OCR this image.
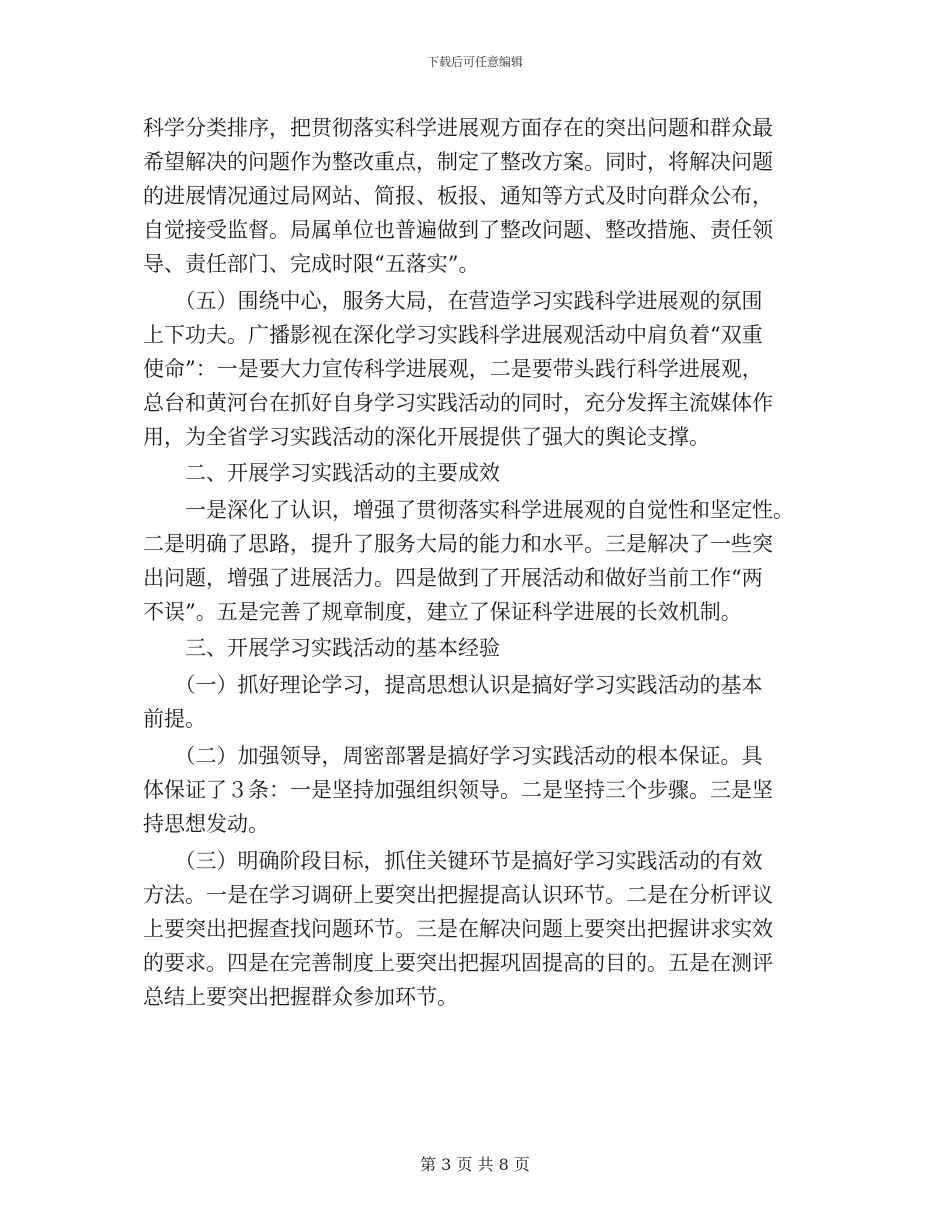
下载后可任意编辑
科学分类排序，把贯彻落实科学进展观方面存在的突出问题和群众最
希望解决的问题作为整改重点，制定了整改方案。同时，将解决问题
的进展情况通过局网站、简报、板报、通知等方式及时向群众公布，
自觉接受监督。局属单位也普遍做到了整改问题、整改措施、责任领
导、责任部门、完成时限“五落实”。
　　（五）围绕中心，服务大局，在营造学习实践科学进展观的氛围
上下功夫。广播影视在深化学习实践科学进展观活动中肩负着“双重
使命”：一是要大力宣传科学进展观，二是要带头践行科学进展观，
总台和黄河台在抓好自身学习实践活动的同时，充分发挥主流媒体作
用，为全省学习实践活动的深化开展提供了强大的舆论支撑。
　　二、开展学习实践活动的主要成效
　　一是深化了认识，增强了贯彻落实科学进展观的自觉性和坚定性。
二是明确了思路，提升了服务大局的能力和水平。三是解决了一些突
出问题，增强了进展活力。四是做到了开展活动和做好当前工作“两
不误”。五是完善了规章制度，建立了保证科学进展的长效机制。
　　三、开展学习实践活动的基本经验
　　（一）抓好理论学习，提高思想认识是搞好学习实践活动的基本
前提。
　　（二）加强领导，周密部署是搞好学习实践活动的根本保证。具
体保证了３条：一是坚持加强组织领导。二是坚持三个步骤。三是坚
持思想发动。
　　（三）明确阶段目标，抓住关键环节是搞好学习实践活动的有效
方法。一是在学习调研上要突出把握提高认识环节。二是在分析评议
上要突出把握查找问题环节。三是在解决问题上要突出把握讲求实效
的要求。四是在完善制度上要突出把握巩固提高的目的。五是在测评
总结上要突出把握群众参加环节。
第 3 页 共 8 页
